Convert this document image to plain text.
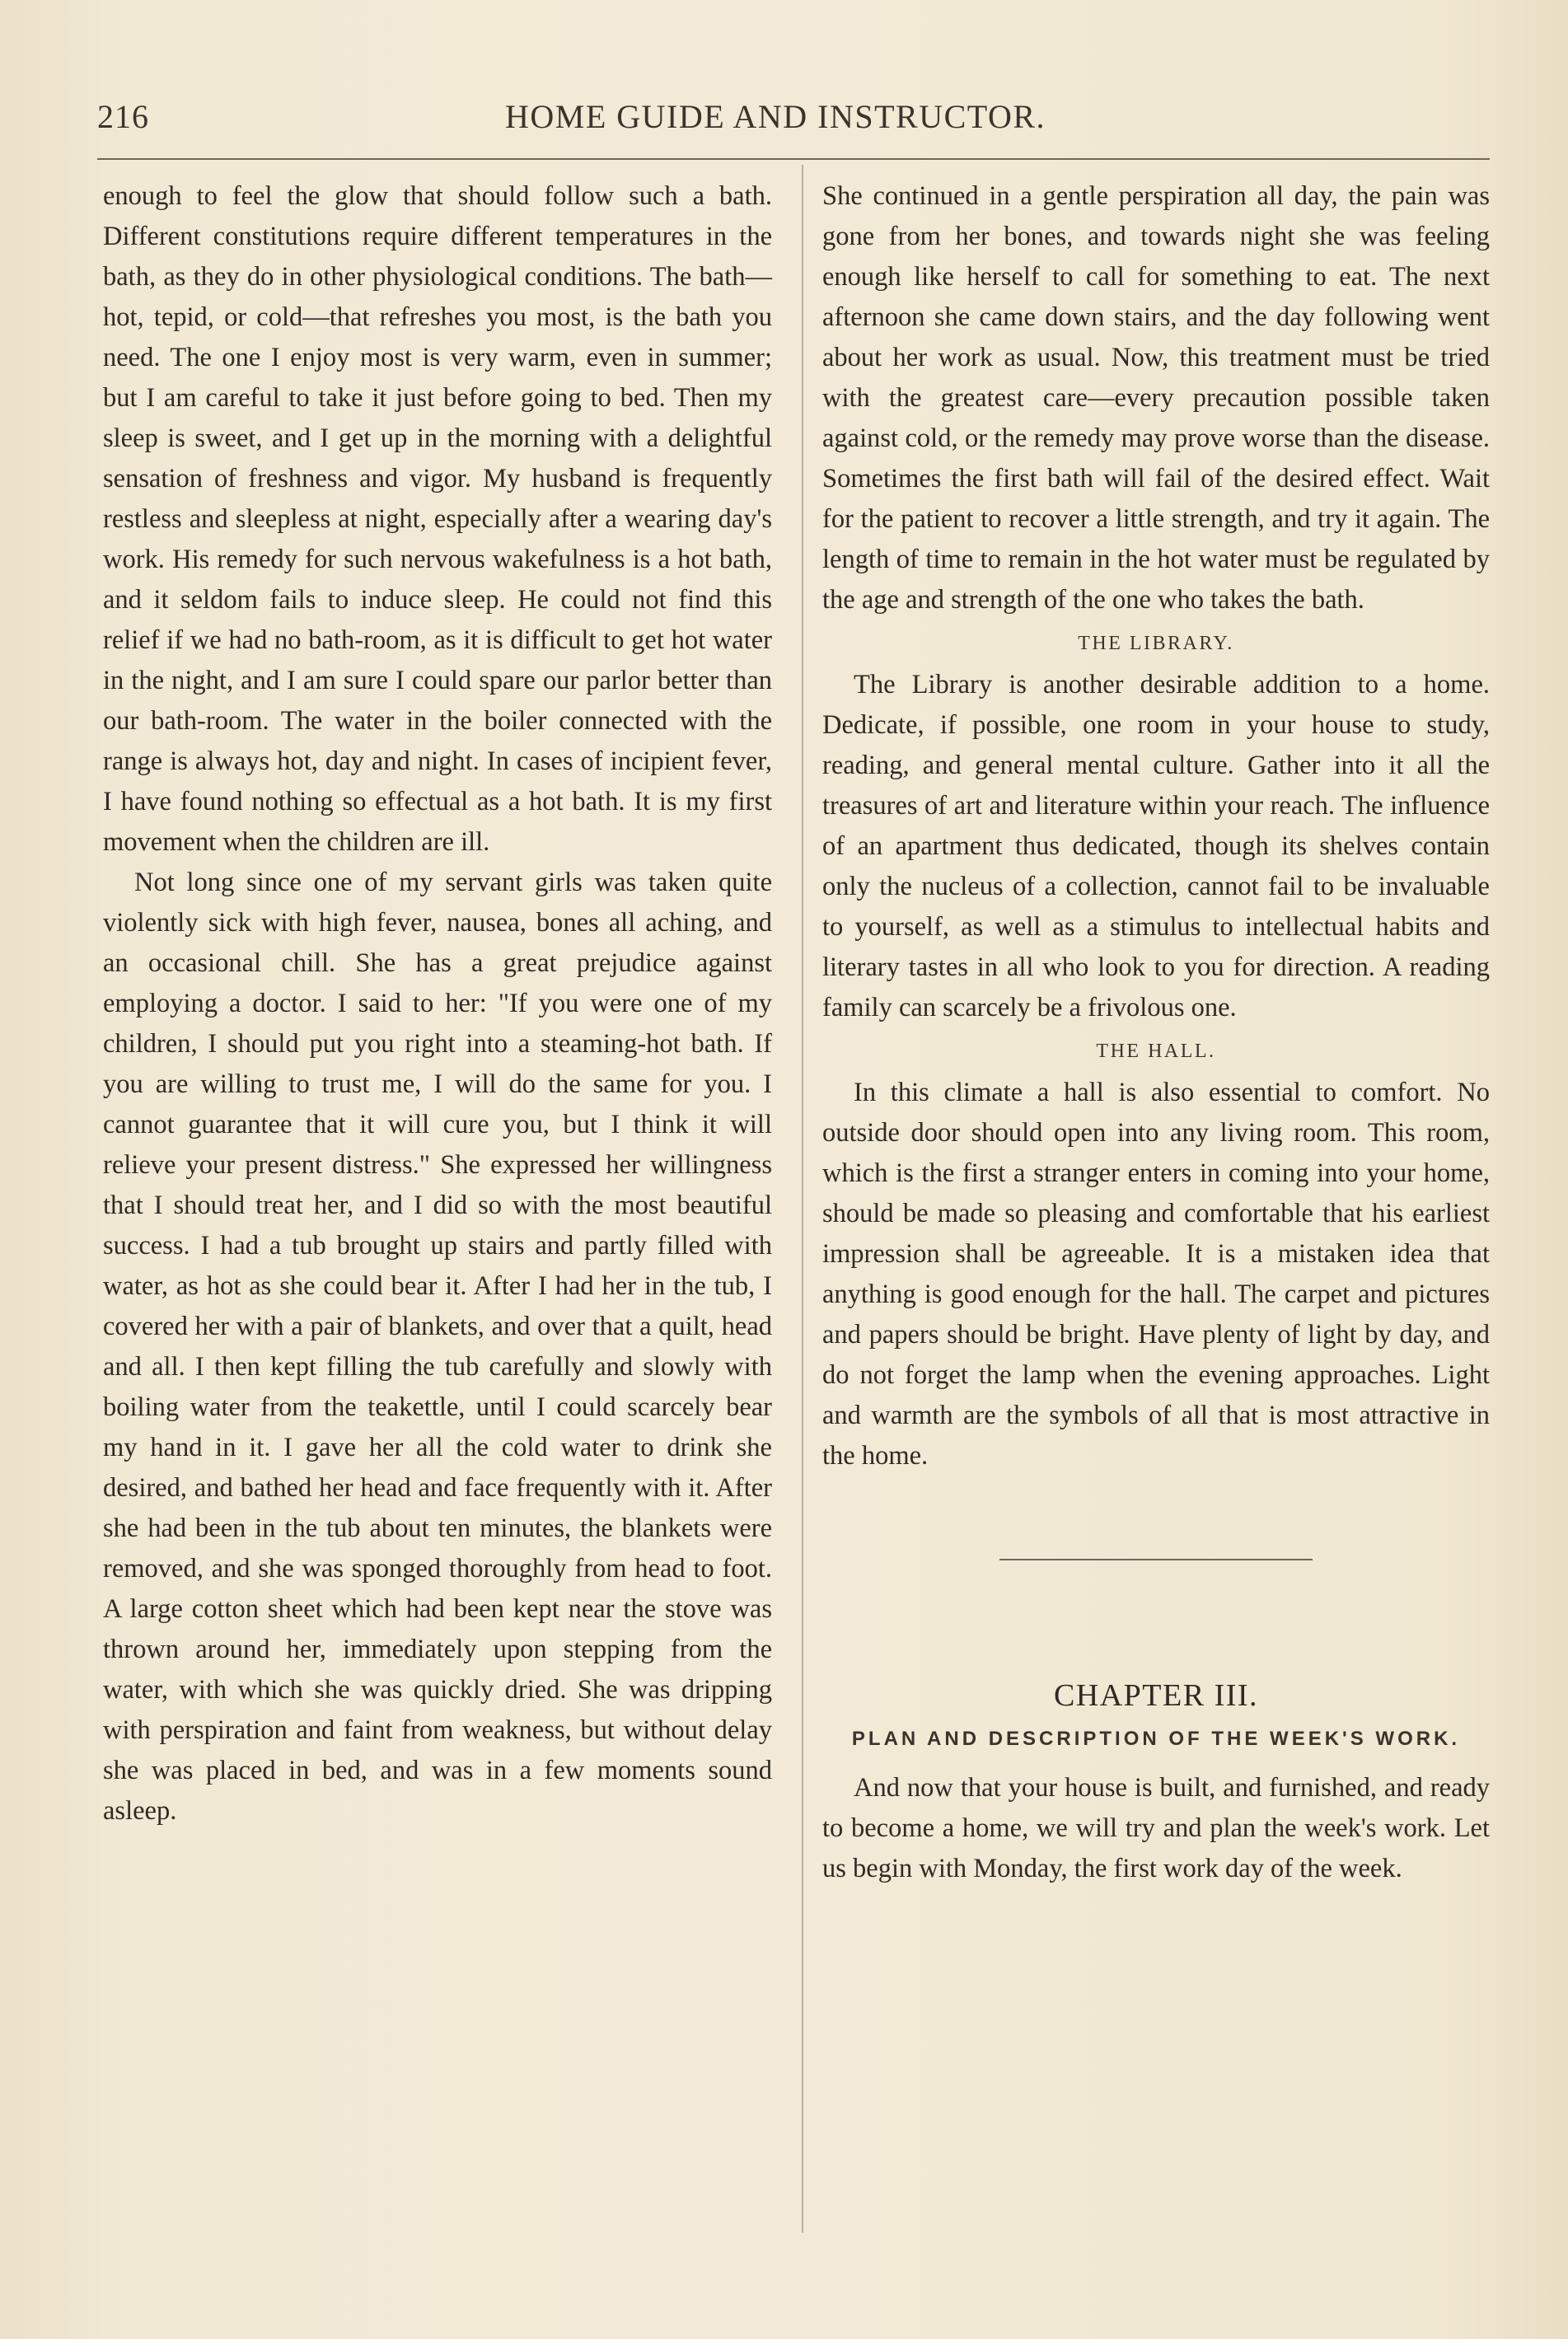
216	HOME GUIDE AND INSTRUCTOR.

enough to feel the glow that should follow such a bath. Different constitutions require different temperatures in the bath, as they do in other physiological conditions. The bath—hot, tepid, or cold—that refreshes you most, is the bath you need. The one I enjoy most is very warm, even in summer; but I am careful to take it just before going to bed. Then my sleep is sweet, and I get up in the morning with a delightful sensation of freshness and vigor. My husband is frequently restless and sleepless at night, especially after a wearing day's work. His remedy for such nervous wakefulness is a hot bath, and it seldom fails to induce sleep. He could not find this relief if we had no bath-room, as it is difficult to get hot water in the night, and I am sure I could spare our parlor better than our bath-room. The water in the boiler connected with the range is always hot, day and night. In cases of incipient fever, I have found nothing so effectual as a hot bath. It is my first movement when the children are ill.

Not long since one of my servant girls was taken quite violently sick with high fever, nausea, bones all aching, and an occasional chill. She has a great prejudice against employing a doctor. I said to her: "If you were one of my children, I should put you right into a steaming-hot bath. If you are willing to trust me, I will do the same for you. I cannot guarantee that it will cure you, but I think it will relieve your present distress." She expressed her willingness that I should treat her, and I did so with the most beautiful success. I had a tub brought up stairs and partly filled with water, as hot as she could bear it. After I had her in the tub, I covered her with a pair of blankets, and over that a quilt, head and all. I then kept filling the tub carefully and slowly with boiling water from the teakettle, until I could scarcely bear my hand in it. I gave her all the cold water to drink she desired, and bathed her head and face frequently with it. After she had been in the tub about ten minutes, the blankets were removed, and she was sponged thoroughly from head to foot. A large cotton sheet which had been kept near the stove was thrown around her, immediately upon stepping from the water, with which she was quickly dried. She was dripping with perspiration and faint from weakness, but without delay she was placed in bed, and was in a few moments sound asleep.

She continued in a gentle perspiration all day, the pain was gone from her bones, and towards night she was feeling enough like herself to call for something to eat. The next afternoon she came down stairs, and the day following went about her work as usual. Now, this treatment must be tried with the greatest care—every precaution possible taken against cold, or the remedy may prove worse than the disease. Sometimes the first bath will fail of the desired effect. Wait for the patient to recover a little strength, and try it again. The length of time to remain in the hot water must be regulated by the age and strength of the one who takes the bath.

THE LIBRARY.

The Library is another desirable addition to a home. Dedicate, if possible, one room in your house to study, reading, and general mental culture. Gather into it all the treasures of art and literature within your reach. The influence of an apartment thus dedicated, though its shelves contain only the nucleus of a collection, cannot fail to be invaluable to yourself, as well as a stimulus to intellectual habits and literary tastes in all who look to you for direction. A reading family can scarcely be a frivolous one.

THE HALL.

In this climate a hall is also essential to comfort. No outside door should open into any living room. This room, which is the first a stranger enters in coming into your home, should be made so pleasing and comfortable that his earliest impression shall be agreeable. It is a mistaken idea that anything is good enough for the hall. The carpet and pictures and papers should be bright. Have plenty of light by day, and do not forget the lamp when the evening approaches. Light and warmth are the symbols of all that is most attractive in the home.

CHAPTER III.
PLAN AND DESCRIPTION OF THE WEEK'S WORK.

And now that your house is built, and furnished, and ready to become a home, we will try and plan the week's work. Let us begin with Monday, the first work day of the week.
